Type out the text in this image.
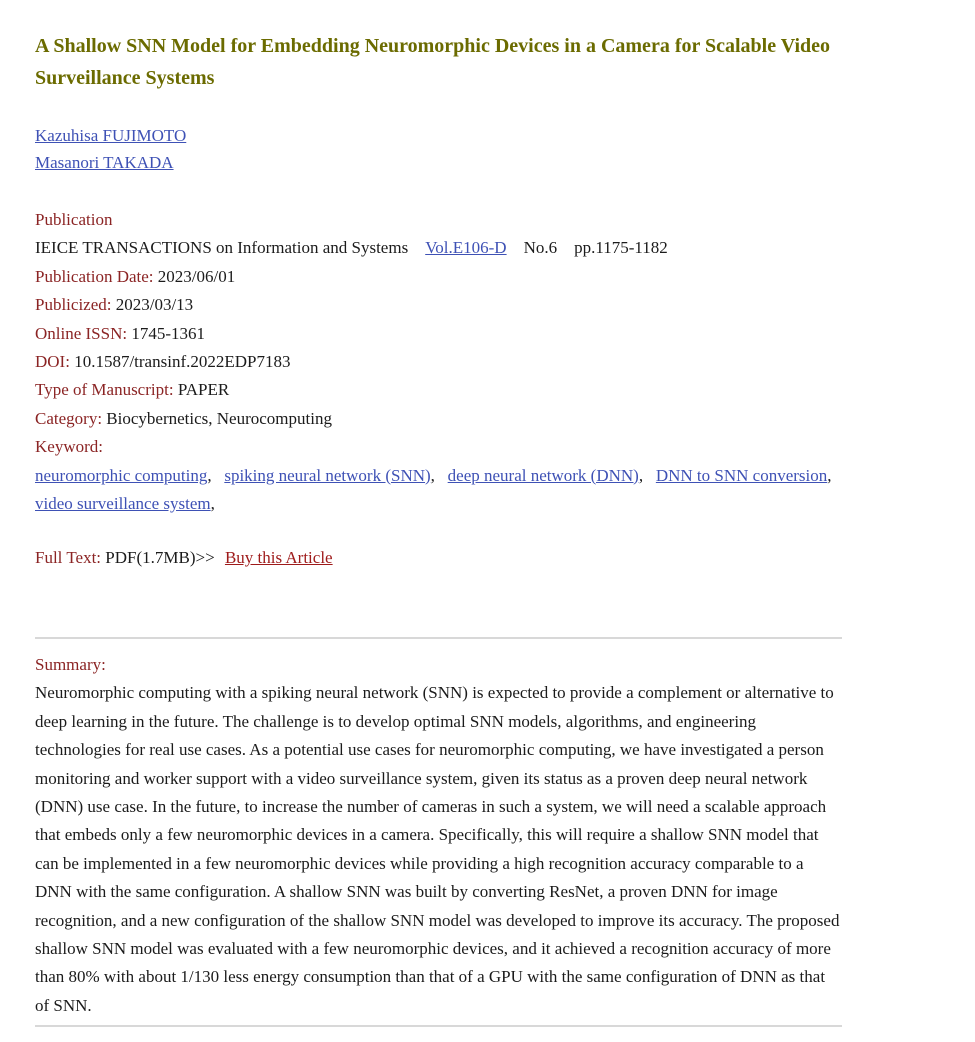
A Shallow SNN Model for Embedding Neuromorphic Devices in a Camera for Scalable Video Surveillance Systems
Kazuhisa FUJIMOTO
Masanori TAKADA
Publication
IEICE TRANSACTIONS on Information and Systems Vol.E106-D No.6 pp.1175-1182
Publication Date: 2023/06/01
Publicized: 2023/03/13
Online ISSN: 1745-1361
DOI: 10.1587/transinf.2022EDP7183
Type of Manuscript: PAPER
Category: Biocybernetics, Neurocomputing
Keyword:
neuromorphic computing,   spiking neural network (SNN),   deep neural network (DNN),   DNN to SNN conversion,   video surveillance system,
Full Text: PDF(1.7MB)>> Buy this Article
Summary:
Neuromorphic computing with a spiking neural network (SNN) is expected to provide a complement or alternative to deep learning in the future. The challenge is to develop optimal SNN models, algorithms, and engineering technologies for real use cases. As a potential use cases for neuromorphic computing, we have investigated a person monitoring and worker support with a video surveillance system, given its status as a proven deep neural network (DNN) use case. In the future, to increase the number of cameras in such a system, we will need a scalable approach that embeds only a few neuromorphic devices in a camera. Specifically, this will require a shallow SNN model that can be implemented in a few neuromorphic devices while providing a high recognition accuracy comparable to a DNN with the same configuration. A shallow SNN was built by converting ResNet, a proven DNN for image recognition, and a new configuration of the shallow SNN model was developed to improve its accuracy. The proposed shallow SNN model was evaluated with a few neuromorphic devices, and it achieved a recognition accuracy of more than 80% with about 1/130 less energy consumption than that of a GPU with the same configuration of DNN as that of SNN.
